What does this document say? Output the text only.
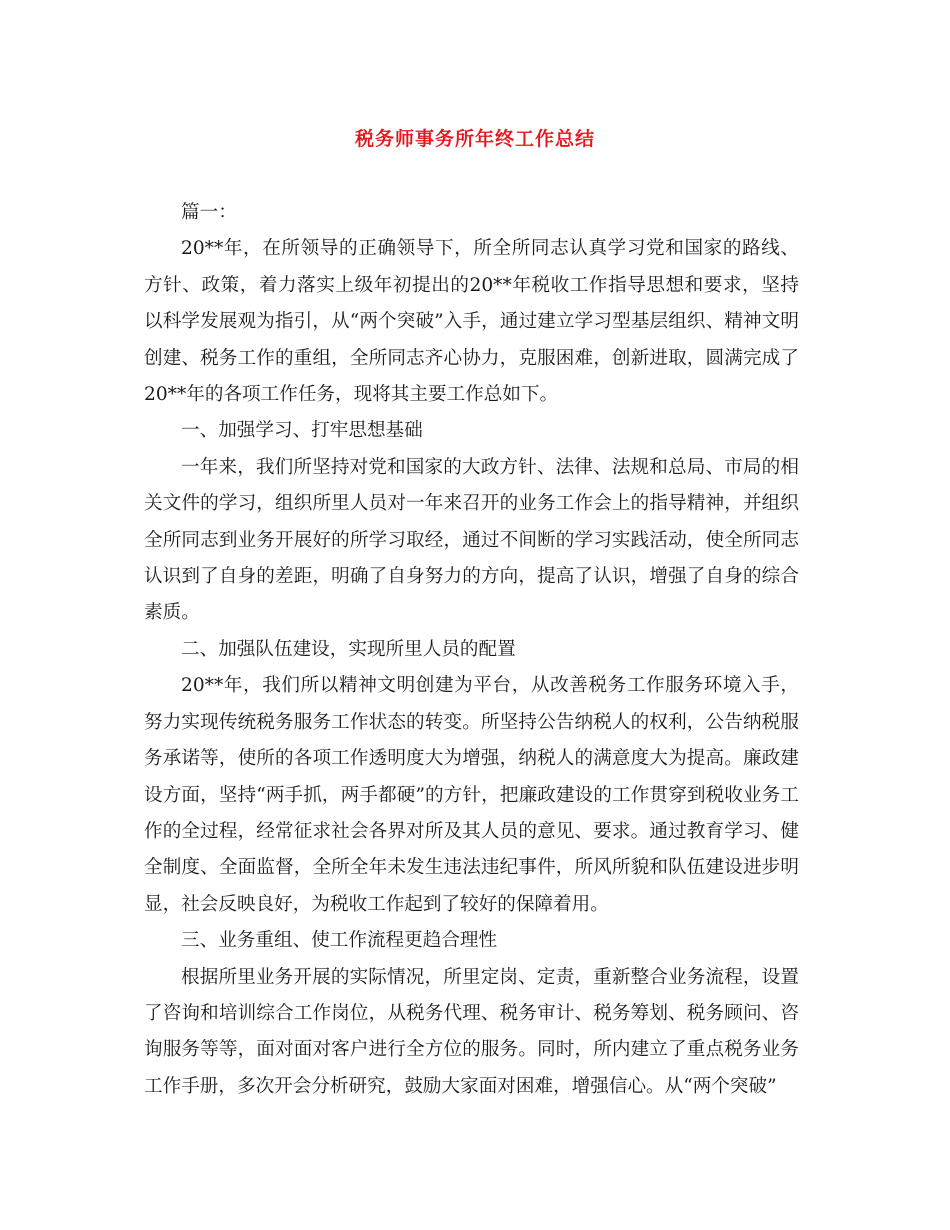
税务师事务所年终工作总结

篇一：

20**年，在所领导的正确领导下，所全所同志认真学习党和国家的路线、方针、政策，着力落实上级年初提出的20**年税收工作指导思想和要求，坚持以科学发展观为指引，从“两个突破”入手，通过建立学习型基层组织、精神文明创建、税务工作的重组，全所同志齐心协力，克服困难，创新进取，圆满完成了20**年的各项工作任务，现将其主要工作总如下。

一、加强学习、打牢思想基础

一年来，我们所坚持对党和国家的大政方针、法律、法规和总局、市局的相关文件的学习，组织所里人员对一年来召开的业务工作会上的指导精神，并组织全所同志到业务开展好的所学习取经，通过不间断的学习实践活动，使全所同志认识到了自身的差距，明确了自身努力的方向，提高了认识，增强了自身的综合素质。

二、加强队伍建设，实现所里人员的配置

20**年，我们所以精神文明创建为平台，从改善税务工作服务环境入手，努力实现传统税务服务工作状态的转变。所坚持公告纳税人的权利，公告纳税服务承诺等，使所的各项工作透明度大为增强，纳税人的满意度大为提高。廉政建设方面，坚持“两手抓，两手都硬”的方针，把廉政建设的工作贯穿到税收业务工作的全过程，经常征求社会各界对所及其人员的意见、要求。通过教育学习、健全制度、全面监督，全所全年未发生违法违纪事件，所风所貌和队伍建设进步明显，社会反映良好，为税收工作起到了较好的保障着用。

三、业务重组、使工作流程更趋合理性

根据所里业务开展的实际情况，所里定岗、定责，重新整合业务流程，设置了咨询和培训综合工作岗位，从税务代理、税务审计、税务筹划、税务顾问、咨询服务等等，面对面对客户进行全方位的服务。同时，所内建立了重点税务业务工作手册，多次开会分析研究，鼓励大家面对困难，增强信心。从“两个突破”
